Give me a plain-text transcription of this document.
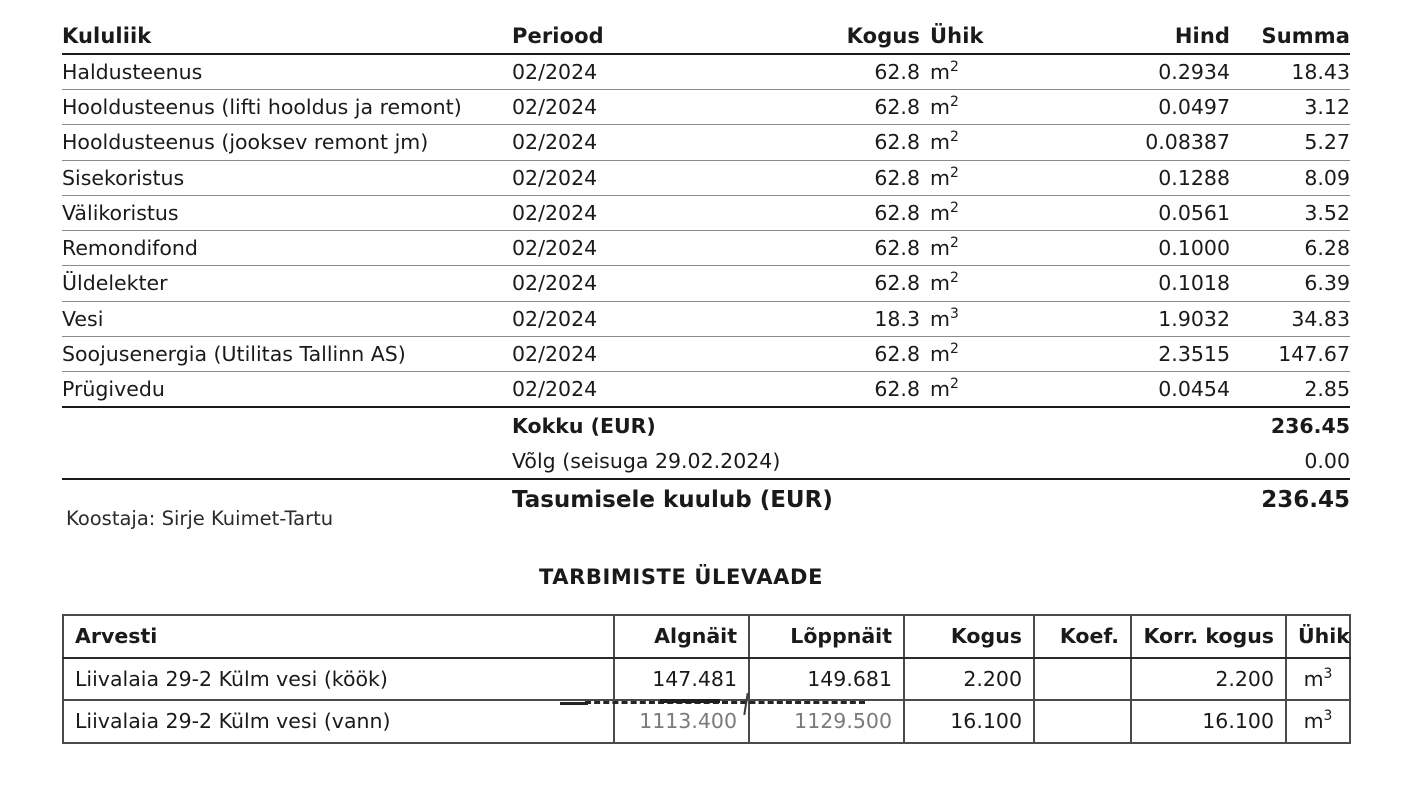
Kululiik	Periood	Kogus	Ühik	Hind	Summa

Haldusteenus	02/2024	62.8	$m^2$	0.2934	18.43
Hooldusteenus (lifti hooldus ja remont)	02/2024	62.8	$m^2$	0.0497	3.12
Hooldusteenus (jooksev remont jm)	02/2024	62.8	$m^2$	0.08387	5.27
Sisekoristus	02/2024	62.8	$m^2$	0.1288	8.09
Välikoristus	02/2024	62.8	$m^2$	0.0561	3.52
Remondifond	02/2024	62.8	$m^2$	0.1000	6.28
Üldelekter	02/2024	62.8	$m^2$	0.1018	6.39
Vesi	02/2024	18.3	$m^3$	1.9032	34.83
Soojusenergia (Utilitas Tallinn AS)	02/2024	62.8	$m^2$	2.3515	147.67
Prügivedu	02/2024	62.8	$m^2$	0.0454	2.85

	Kokku (EUR)				236.45
	Võlg (seisuga 29.02.2024)				0.00

	Tasumisele kuulub (EUR)				236.45
Koostaja: Sirje Kuimet-Tartu
TARBIMISTE ÜLEVAADE
Arvesti	Algnäit	Lõppnäit	Kogus	Koef.	Korr. kogus	Ühik
Liivalaia 29-2 Külm vesi (köök)	147.481	149.681	2.200		2.200	$m^3$
Liivalaia 29-2 Külm vesi (vann)	1113.400	1129.500	16.100		16.100	$m^3$
